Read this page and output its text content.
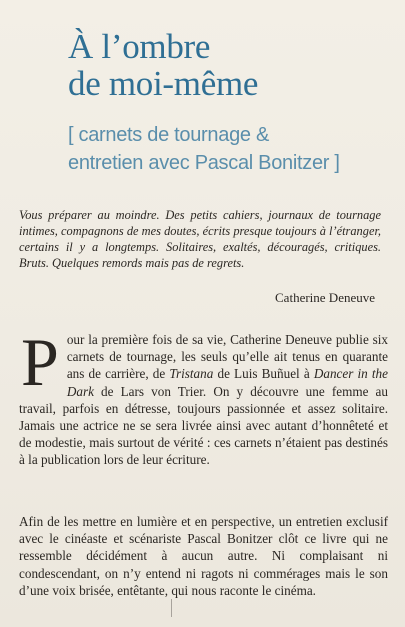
À l’ombre
de moi-même
[ carnets de tournage &
entretien avec Pascal Bonitzer ]
Vous préparer au moindre. Des petits cahiers, journaux de tournage intimes, compagnons de mes doutes, écrits presque toujours à l’étranger, certains il y a longtemps. Solitaires, exaltés, découragés, critiques. Bruts. Quelques remords mais pas de regrets.
Catherine Deneuve
Pour la première fois de sa vie, Catherine Deneuve publie six carnets de tournage, les seuls qu’elle ait tenus en quarante ans de carrière, de Tristana de Luis Buñuel à Dancer in the Dark de Lars von Trier. On y découvre une femme au travail, parfois en détresse, toujours passionnée et assez solitaire. Jamais une actrice ne se sera livrée ainsi avec autant d’honnêteté et de modestie, mais surtout de vérité : ces carnets n’étaient pas destinés à la publication lors de leur écriture.
Afin de les mettre en lumière et en perspective, un entretien exclusif avec le cinéaste et scénariste Pascal Bonitzer clôt ce livre qui ne ressemble décidément à aucun autre. Ni complaisant ni condescendant, on n’y entend ni ragots ni commérages mais le son d’une voix brisée, entêtante, qui nous raconte le cinéma.
